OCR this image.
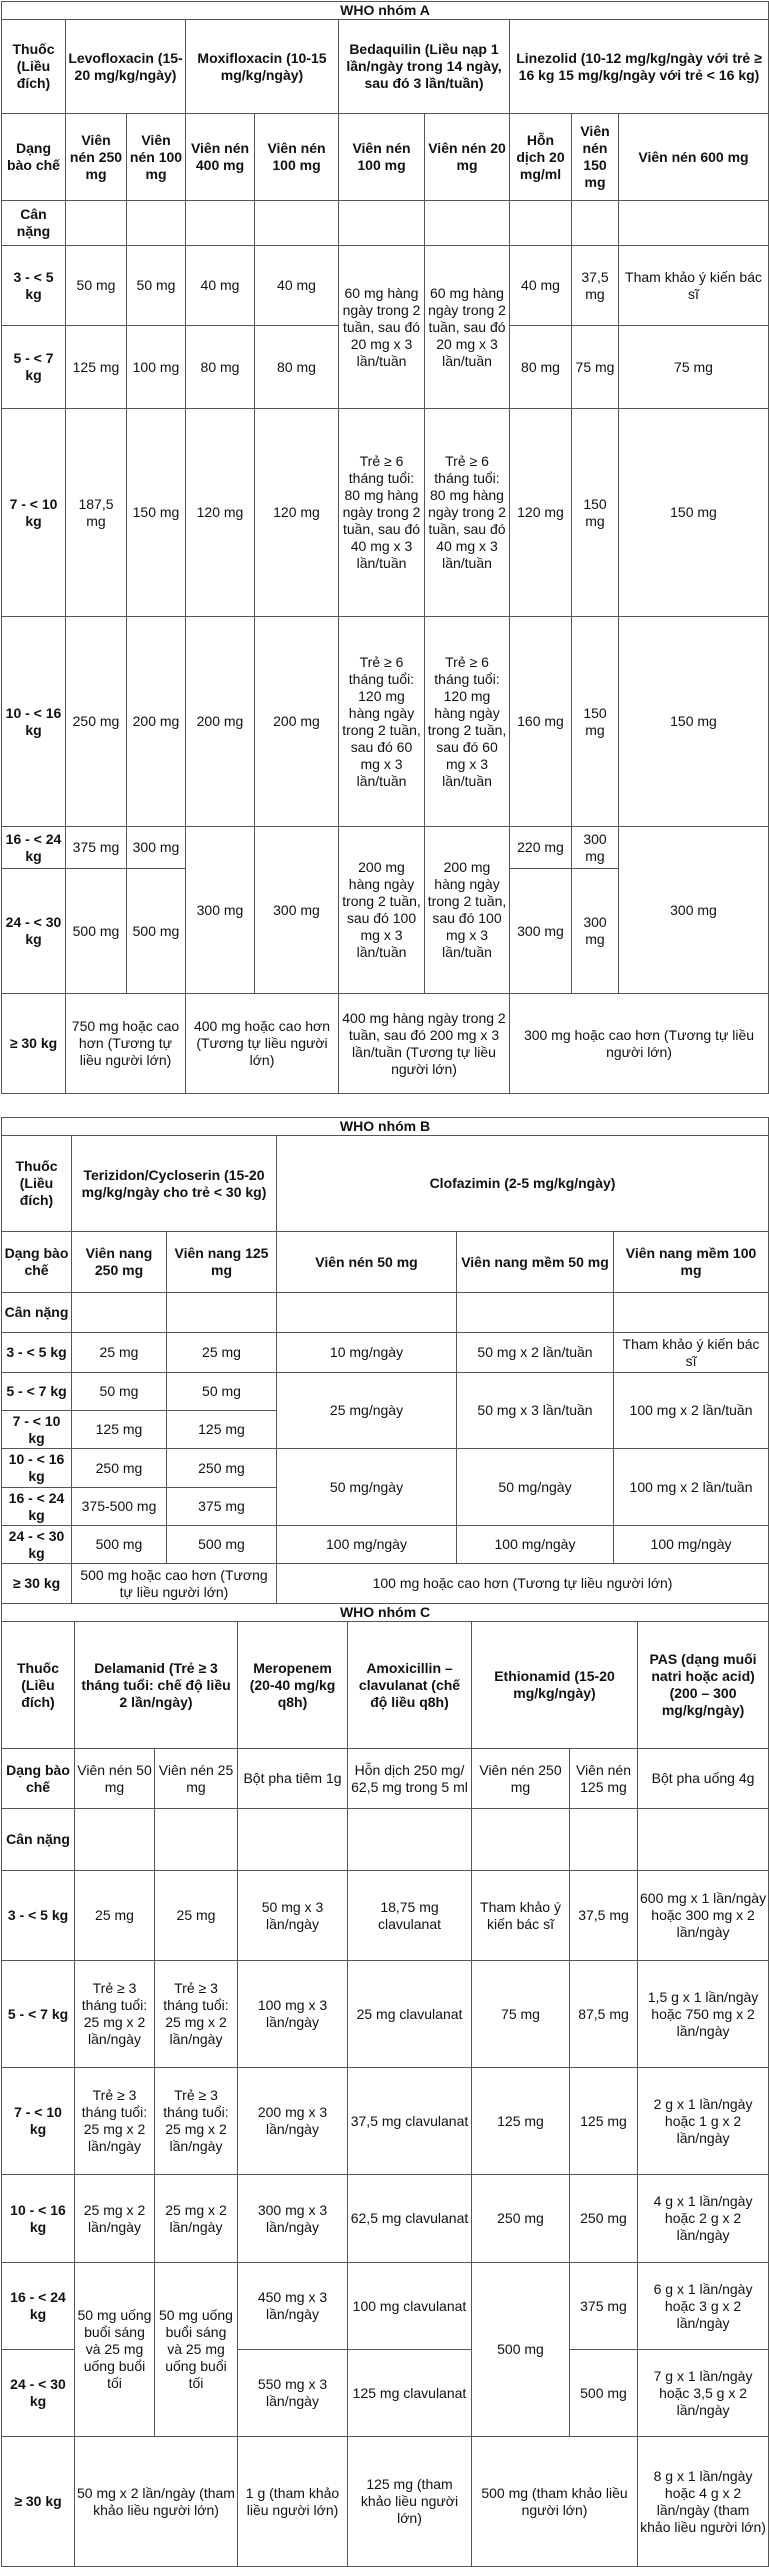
WHO nhóm A									
Thuốc (Liều đích)	Levofloxacin (15-20 mg/kg/ngày)		Moxifloxacin (10-15 mg/kg/ngày)		Bedaquilin (Liều nạp 1 lần/ngày trong 14 ngày, sau đó 3 lần/tuần)		Linezolid (10-12 mg/kg/ngày với trẻ ≥ 16 kg 15 mg/kg/ngày với trẻ < 16 kg)		
Dạng bào chế	Viên nén 250 mg	Viên nén 100 mg	Viên nén 400 mg	Viên nén 100 mg	Viên nén 100 mg	Viên nén 20 mg	Hỗn dịch 20 mg/ml	Viên nén 150 mg	Viên nén 600 mg
Cân nặng									
3 - < 5 kg	50 mg	50 mg	40 mg	40 mg	60 mg hàng ngày trong 2 tuần, sau đó 20 mg x 3 lần/tuần	60 mg hàng ngày trong 2 tuần, sau đó 20 mg x 3 lần/tuần	40 mg	37,5 mg	Tham khảo ý kiến bác sĩ
5 - < 7 kg	125 mg	100 mg	80 mg	80 mg			80 mg	75 mg	75 mg
7 - < 10 kg	187,5 mg	150 mg	120 mg	120 mg	Trẻ ≥ 6 tháng tuổi: 80 mg hàng ngày trong 2 tuần, sau đó 40 mg x 3 lần/tuần	Trẻ ≥ 6 tháng tuổi: 80 mg hàng ngày trong 2 tuần, sau đó 40 mg x 3 lần/tuần	120 mg	150 mg	150 mg
10 - < 16 kg	250 mg	200 mg	200 mg	200 mg	Trẻ ≥ 6 tháng tuổi: 120 mg hàng ngày trong 2 tuần, sau đó 60 mg x 3 lần/tuần	Trẻ ≥ 6 tháng tuổi: 120 mg hàng ngày trong 2 tuần, sau đó 60 mg x 3 lần/tuần	160 mg	150 mg	150 mg
16 - < 24 kg	375 mg	300 mg	300 mg	300 mg	200 mg hàng ngày trong 2 tuần, sau đó 100 mg x 3 lần/tuần	200 mg hàng ngày trong 2 tuần, sau đó 100 mg x 3 lần/tuần	220 mg	300 mg	300 mg
24 - < 30 kg	500 mg	500 mg					300 mg	300 mg	
≥ 30 kg	750 mg hoặc cao hơn (Tương tự liều người lớn)		400 mg hoặc cao hơn (Tương tự liều người lớn)		400 mg hàng ngày trong 2 tuần, sau đó 200 mg x 3 lần/tuần (Tương tự liều người lớn)		300 mg hoặc cao hơn (Tương tự liều người lớn)		
WHO nhóm B					
Thuốc (Liều đích)	Terizidon/Cycloserin (15-20 mg/kg/ngày cho trẻ < 30 kg)		Clofazimin (2-5 mg/kg/ngày)		
Dạng bào chế	Viên nang 250 mg	Viên nang 125 mg	Viên nén 50 mg	Viên nang mềm 50 mg	Viên nang mềm 100 mg
Cân nặng					
3 - < 5 kg	25 mg	25 mg	10 mg/ngày	50 mg x 2 lần/tuần	Tham khảo ý kiến bác sĩ
5 - < 7 kg	50 mg	50 mg	25 mg/ngày	50 mg x 3 lần/tuần	100 mg x 2 lần/tuần
7 - < 10 kg	125 mg	125 mg			
10 - < 16 kg	250 mg	250 mg	50 mg/ngày	50 mg/ngày	100 mg x 2 lần/tuần
16 - < 24 kg	375-500 mg	375 mg			
24 - < 30 kg	500 mg	500 mg	100 mg/ngày	100 mg/ngày	100 mg/ngày
≥ 30 kg	500 mg hoặc cao hơn (Tương tự liều người lớn)		100 mg hoặc cao hơn (Tương tự liều người lớn)		
WHO nhóm C							
Thuốc (Liều đích)	Delamanid (Trẻ ≥ 3 tháng tuổi: chế độ liều 2 lần/ngày)		Meropenem (20-40 mg/kg q8h)	Amoxicillin – clavulanat (chế độ liều q8h)	Ethionamid (15-20 mg/kg/ngày)		PAS (dạng muối natri hoặc acid) (200 – 300 mg/kg/ngày)
Dạng bào chế	Viên nén 50 mg	Viên nén 25 mg	Bột pha tiêm 1g	Hỗn dịch 250 mg/ 62,5 mg trong 5 ml	Viên nén 250 mg	Viên nén 125 mg	Bột pha uống 4g
Cân nặng							
3 - < 5 kg	25 mg	25 mg	50 mg x 3 lần/ngày	18,75 mg clavulanat	Tham khảo ý kiến bác sĩ	37,5 mg	600 mg x 1 lần/ngày hoặc 300 mg x 2 lần/ngày
5 - < 7 kg	Trẻ ≥ 3 tháng tuổi: 25 mg x 2 lần/ngày	Trẻ ≥ 3 tháng tuổi: 25 mg x 2 lần/ngày	100 mg x 3 lần/ngày	25 mg clavulanat	75 mg	87,5 mg	1,5 g x 1 lần/ngày hoặc 750 mg x 2 lần/ngày
7 - < 10 kg	Trẻ ≥ 3 tháng tuổi: 25 mg x 2 lần/ngày	Trẻ ≥ 3 tháng tuổi: 25 mg x 2 lần/ngày	200 mg x 3 lần/ngày	37,5 mg clavulanat	125 mg	125 mg	2 g x 1 lần/ngày hoặc 1 g x 2 lần/ngày
10 - < 16 kg	25 mg x 2 lần/ngày	25 mg x 2 lần/ngày	300 mg x 3 lần/ngày	62,5 mg clavulanat	250 mg	250 mg	4 g x 1 lần/ngày hoặc 2 g x 2 lần/ngày
16 - < 24 kg	50 mg uống buổi sáng và 25 mg uống buổi tối	50 mg uống buổi sáng và 25 mg uống buổi tối	450 mg x 3 lần/ngày	100 mg clavulanat	500 mg	375 mg	6 g x 1 lần/ngày hoặc 3 g x 2 lần/ngày
24 - < 30 kg			550 mg x 3 lần/ngày	125 mg clavulanat		500 mg	7 g x 1 lần/ngày hoặc 3,5 g x 2 lần/ngày
≥ 30 kg	50 mg x 2 lần/ngày (tham khảo liều người lớn)		1 g (tham khảo liều người lớn)	125 mg (tham khảo liều người lớn)	500 mg (tham khảo liều người lớn)		8 g x 1 lần/ngày hoặc 4 g x 2 lần/ngày (tham khảo liều người lớn)
